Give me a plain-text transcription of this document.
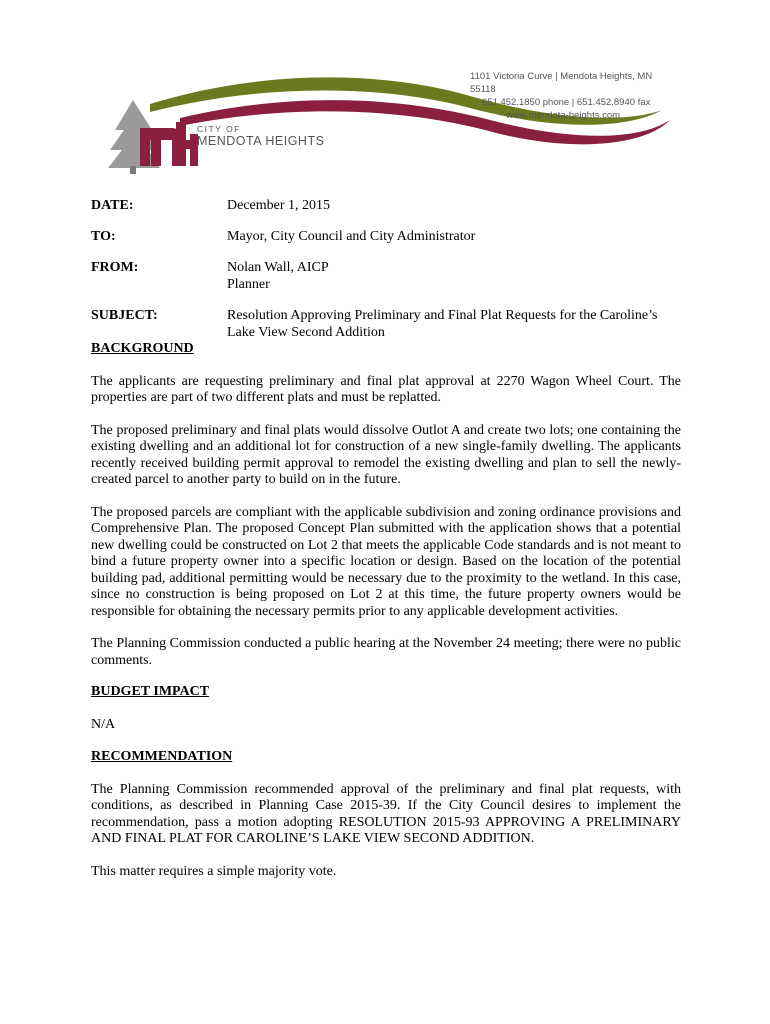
CITY OF
MENDOTA HEIGHTS
1101 Victoria Curve | Mendota Heights, MN 55118
651.452.1850 phone | 651.452.8940 fax
www.mendota-heights.com
DATE:	December 1, 2015
TO:	Mayor, City Council and City Administrator
FROM:	Nolan Wall, AICP
Planner
SUBJECT:	Resolution Approving Preliminary and Final Plat Requests for the Caroline’s
Lake View Second Addition
BACKGROUND

The applicants are requesting preliminary and final plat approval at 2270 Wagon Wheel Court. The properties are part of two different plats and must be replatted.

The proposed preliminary and final plats would dissolve Outlot A and create two lots; one containing the existing dwelling and an additional lot for construction of a new single-family dwelling. The applicants recently received building permit approval to remodel the existing dwelling and plan to sell the newly-created parcel to another party to build on in the future.

The proposed parcels are compliant with the applicable subdivision and zoning ordinance provisions and Comprehensive Plan. The proposed Concept Plan submitted with the application shows that a potential new dwelling could be constructed on Lot 2 that meets the applicable Code standards and is not meant to bind a future property owner into a specific location or design. Based on the location of the potential building pad, additional permitting would be necessary due to the proximity to the wetland. In this case, since no construction is being proposed on Lot 2 at this time, the future property owners would be responsible for obtaining the necessary permits prior to any applicable development activities.

The Planning Commission conducted a public hearing at the November 24 meeting; there were no public comments.

BUDGET IMPACT

N/A

RECOMMENDATION

The Planning Commission recommended approval of the preliminary and final plat requests, with conditions, as described in Planning Case 2015-39. If the City Council desires to implement the recommendation, pass a motion adopting RESOLUTION 2015-93 APPROVING A PRELIMINARY AND FINAL PLAT FOR CAROLINE’S LAKE VIEW SECOND ADDITION.

This matter requires a simple majority vote.
